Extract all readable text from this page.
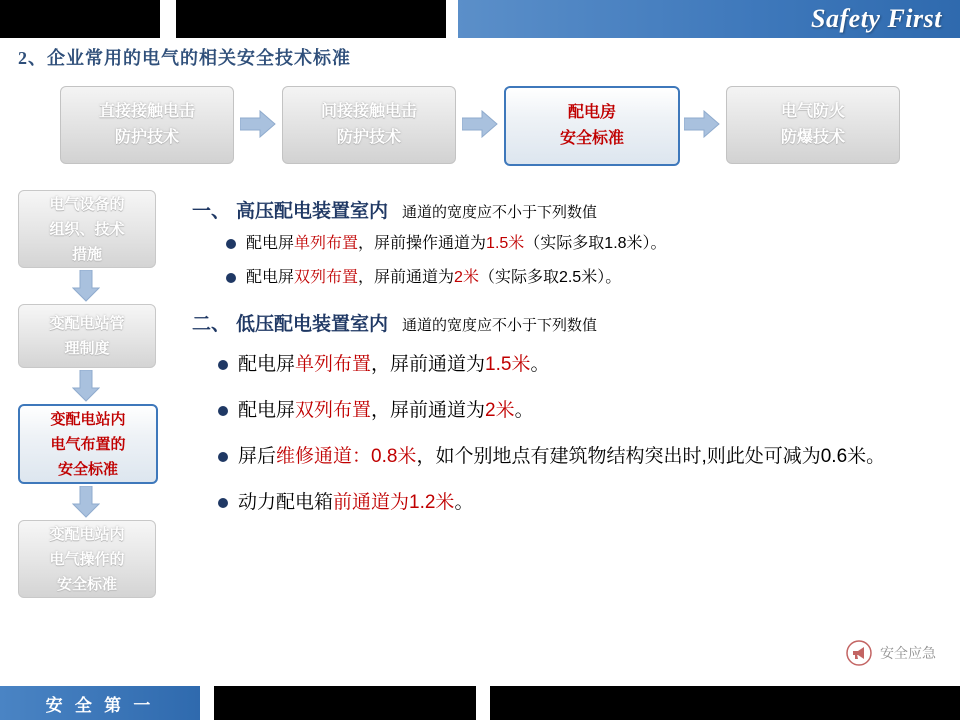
Safety First
2、企业常用的电气的相关安全技术标准
直接接触电击
防护技术
间接接触电击
防护技术
配电房
安全标准
电气防火
防爆技术
电气设备的
组织、技术
措施
变配电站管
理制度
变配电站内
电气布置的
安全标准
变配电站内
电气操作的
安全标准
一、 高压配电装置室内 通道的宽度应不小于下列数值
配电屏单列布置，屏前操作通道为1.5米（实际多取1.8米）。
配电屏双列布置，屏前通道为2米（实际多取2.5米）。
二、 低压配电装置室内 通道的宽度应不小于下列数值
配电屏单列布置，屏前通道为1.5米。
配电屏双列布置，屏前通道为2米。
屏后维修通道：0.8米，如个别地点有建筑物结构突出时,则此处可减为0.6米。
动力配电箱前通道为1.2米。
安全应急
安 全 第 一
